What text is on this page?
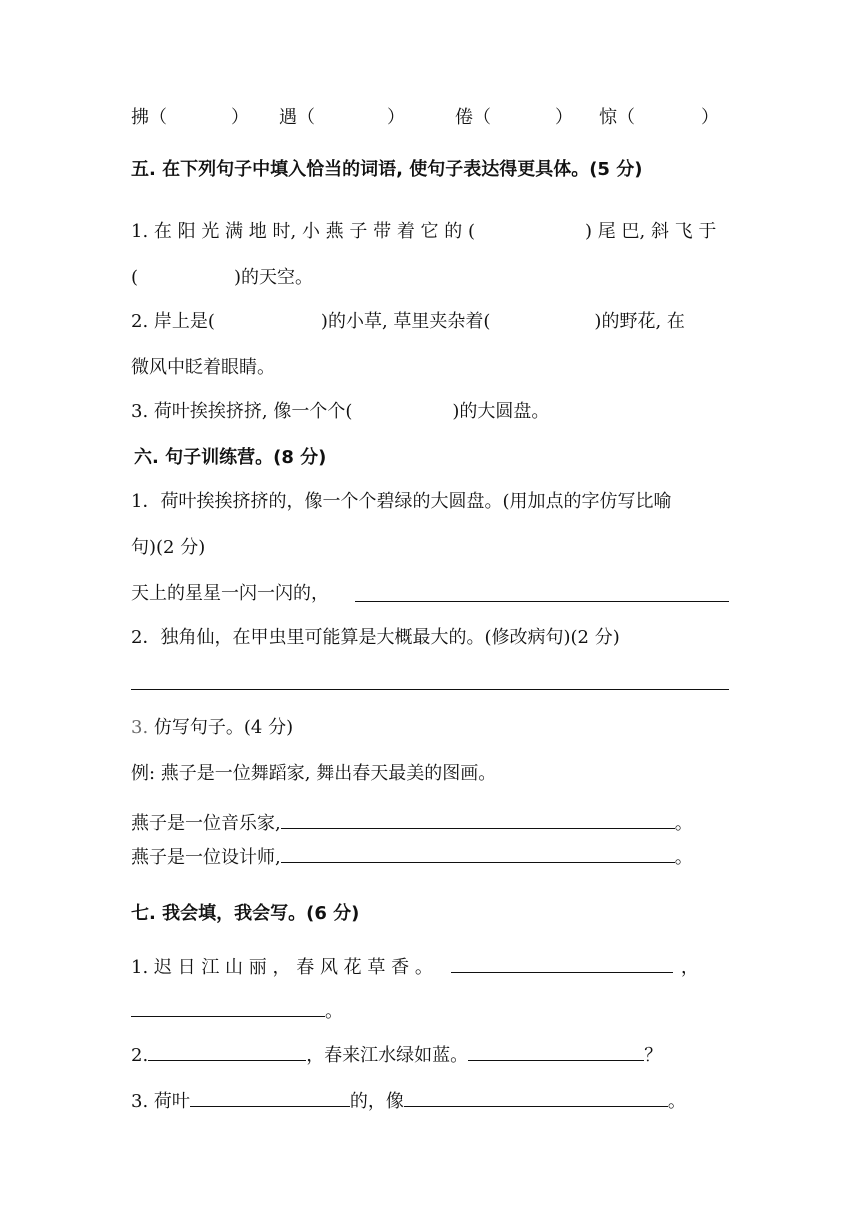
拂（	） 遇（	）	倦（	） 惊（	）
五. 在下列句子中填入恰当的词语, 使句子表达得更具体。(5 分)
1. 在 阳 光 满 地 时, 小 燕 子 带 着 它 的 (	) 尾 巴, 斜 飞 于
(	)的天空。
2. 岸上是(	)的小草, 草里夹杂着(	)的野花, 在
微风中眨着眼睛。
3. 荷叶挨挨挤挤, 像一个个(	)的大圆盘。
六. 句子训练营。(8 分)
1．荷叶挨挨挤挤的，像一个个碧绿的大圆盘。(用加点的字仿写比喻
句)(2 分)
天上的星星一闪一闪的，
2．独角仙，在甲虫里可能算是大概最大的。(修改病句)(2 分)
3. 仿写句子。(4 分)
例: 燕子是一位舞蹈家, 舞出春天最美的图画。
燕子是一位音乐家,	。
燕子是一位设计师,	。
七. 我会填，我会写。(6 分)
1. 迟 日 江 山 丽 ， 春 风 花 草 香 。	，
。
2.	，春来江水绿如蓝。	？
3. 荷叶	的，像	。
